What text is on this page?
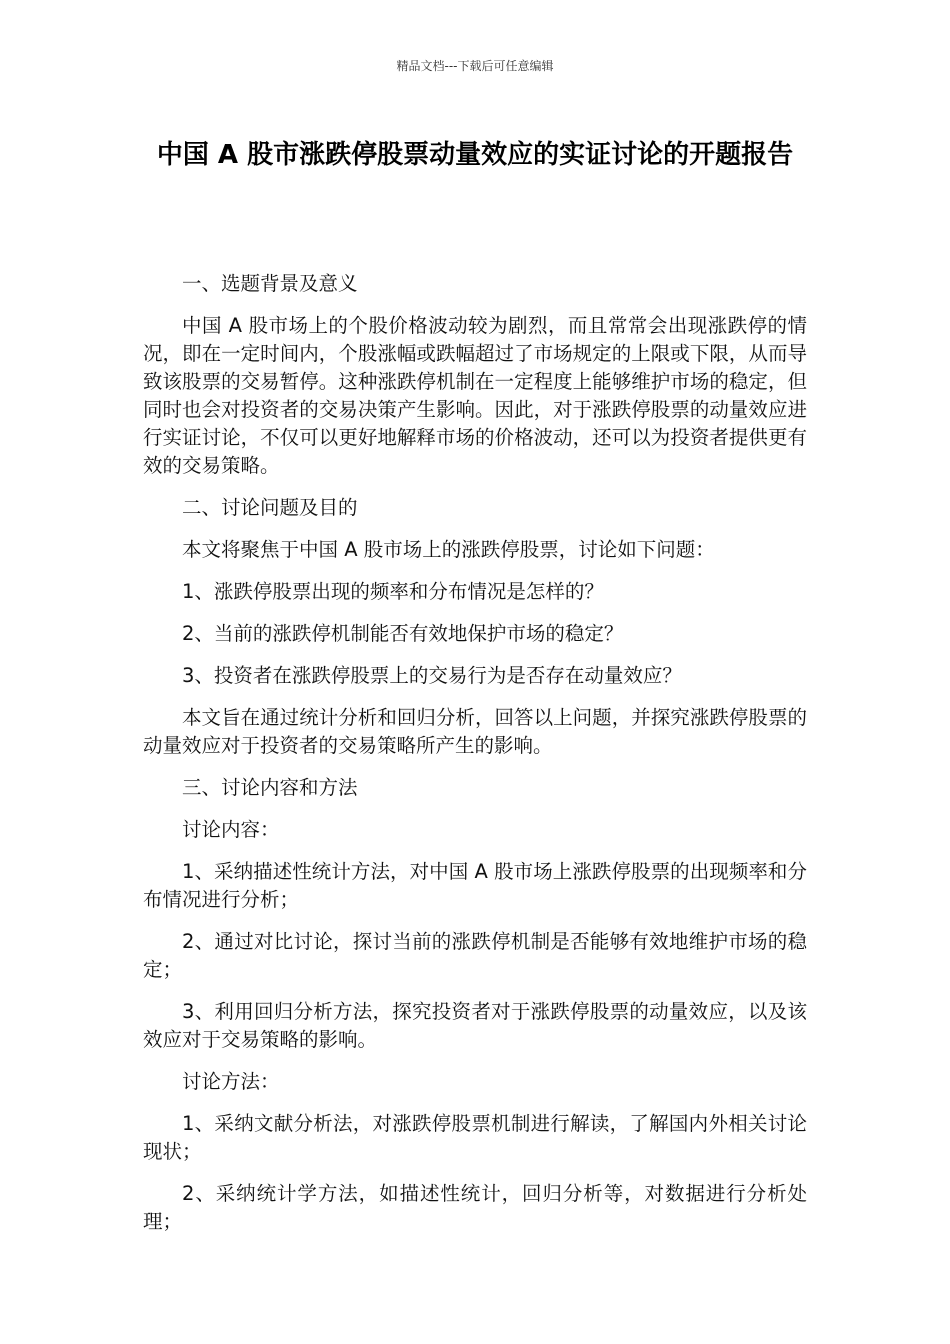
精品文档---下载后可任意编辑
中国 A 股市涨跌停股票动量效应的实证讨论的开题报告

一、选题背景及意义

中国 A 股市场上的个股价格波动较为剧烈，而且常常会出现涨跌停的情况，即在一定时间内，个股涨幅或跌幅超过了市场规定的上限或下限，从而导致该股票的交易暂停。这种涨跌停机制在一定程度上能够维护市场的稳定，但同时也会对投资者的交易决策产生影响。因此，对于涨跌停股票的动量效应进行实证讨论，不仅可以更好地解释市场的价格波动，还可以为投资者提供更有效的交易策略。

二、讨论问题及目的

本文将聚焦于中国 A 股市场上的涨跌停股票，讨论如下问题：

1、涨跌停股票出现的频率和分布情况是怎样的？

2、当前的涨跌停机制能否有效地保护市场的稳定？

3、投资者在涨跌停股票上的交易行为是否存在动量效应？

本文旨在通过统计分析和回归分析，回答以上问题，并探究涨跌停股票的动量效应对于投资者的交易策略所产生的影响。

三、讨论内容和方法

讨论内容：

1、采纳描述性统计方法，对中国 A 股市场上涨跌停股票的出现频率和分布情况进行分析；

2、通过对比讨论，探讨当前的涨跌停机制是否能够有效地维护市场的稳定；

3、利用回归分析方法，探究投资者对于涨跌停股票的动量效应，以及该效应对于交易策略的影响。

讨论方法：

1、采纳文献分析法，对涨跌停股票机制进行解读，了解国内外相关讨论现状；

2、采纳统计学方法，如描述性统计，回归分析等，对数据进行分析处理；
